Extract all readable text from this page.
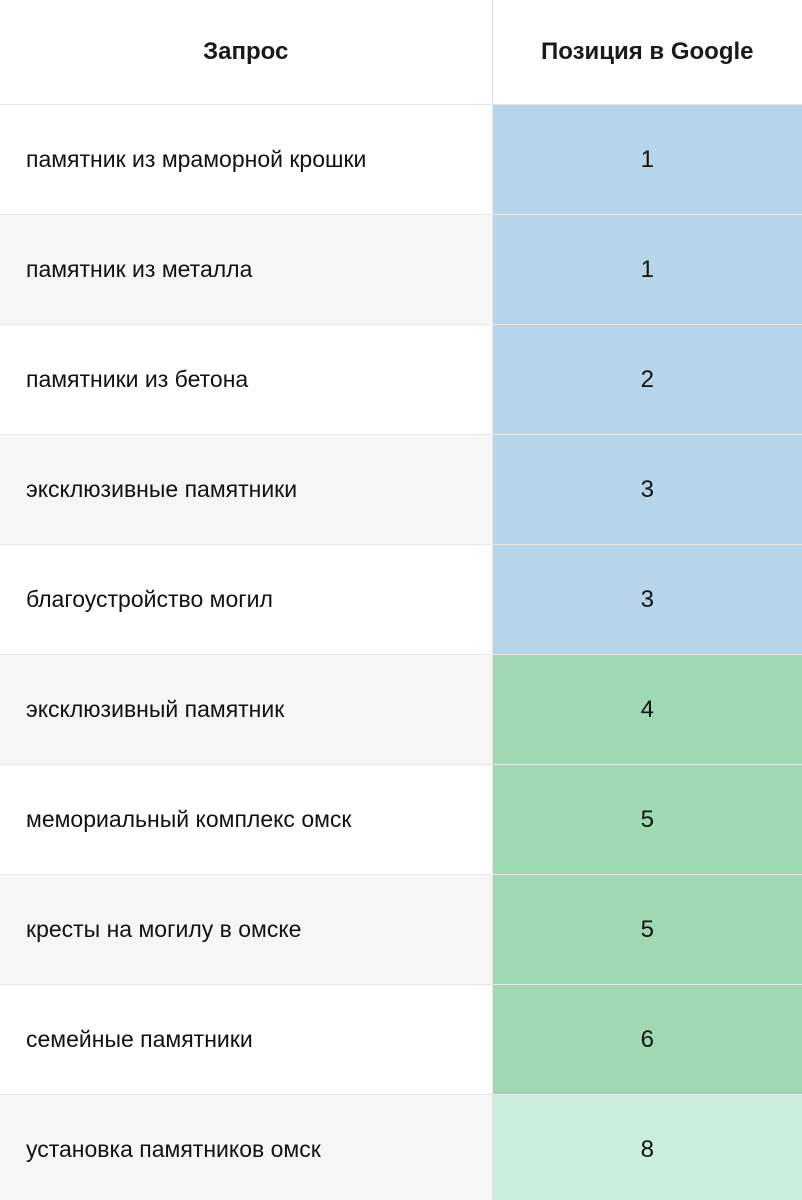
Запрос	Позиция в Google
памятник из мраморной крошки	1
памятник из металла	1
памятники из бетона	2
эксклюзивные памятники	3
благоустройство могил	3
эксклюзивный памятник	4
мемориальный комплекс омск	5
кресты на могилу в омске	5
семейные памятники	6
установка памятников омск	8
